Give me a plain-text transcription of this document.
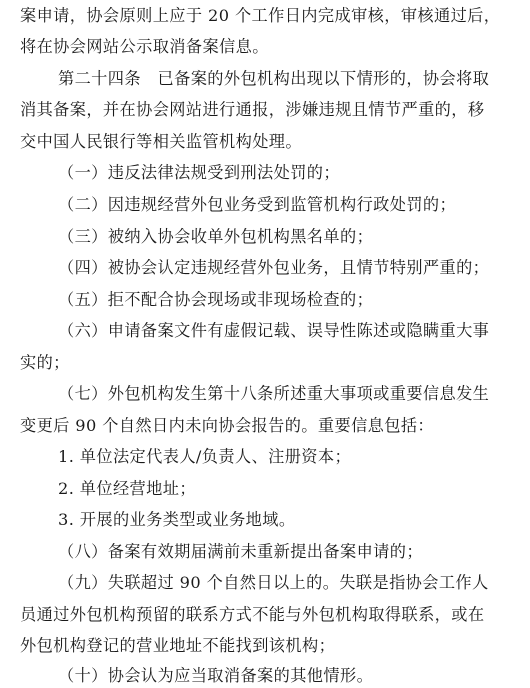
案申请，协会原则上应于 20 个工作日内完成审核，审核通过后，
将在协会网站公示取消备案信息。
第二十四条　已备案的外包机构出现以下情形的，协会将取
消其备案，并在协会网站进行通报，涉嫌违规且情节严重的，移
交中国人民银行等相关监管机构处理。
（一）违反法律法规受到刑法处罚的；
（二）因违规经营外包业务受到监管机构行政处罚的；
（三）被纳入协会收单外包机构黑名单的；
（四）被协会认定违规经营外包业务，且情节特别严重的；
（五）拒不配合协会现场或非现场检查的；
（六）申请备案文件有虚假记载、误导性陈述或隐瞒重大事
实的；
（七）外包机构发生第十八条所述重大事项或重要信息发生
变更后 90 个自然日内未向协会报告的。重要信息包括：
1. 单位法定代表人/负责人、注册资本；
2. 单位经营地址；
3. 开展的业务类型或业务地域。
（八）备案有效期届满前未重新提出备案申请的；
（九）失联超过 90 个自然日以上的。失联是指协会工作人
员通过外包机构预留的联系方式不能与外包机构取得联系，或在
外包机构登记的营业地址不能找到该机构；
（十）协会认为应当取消备案的其他情形。
